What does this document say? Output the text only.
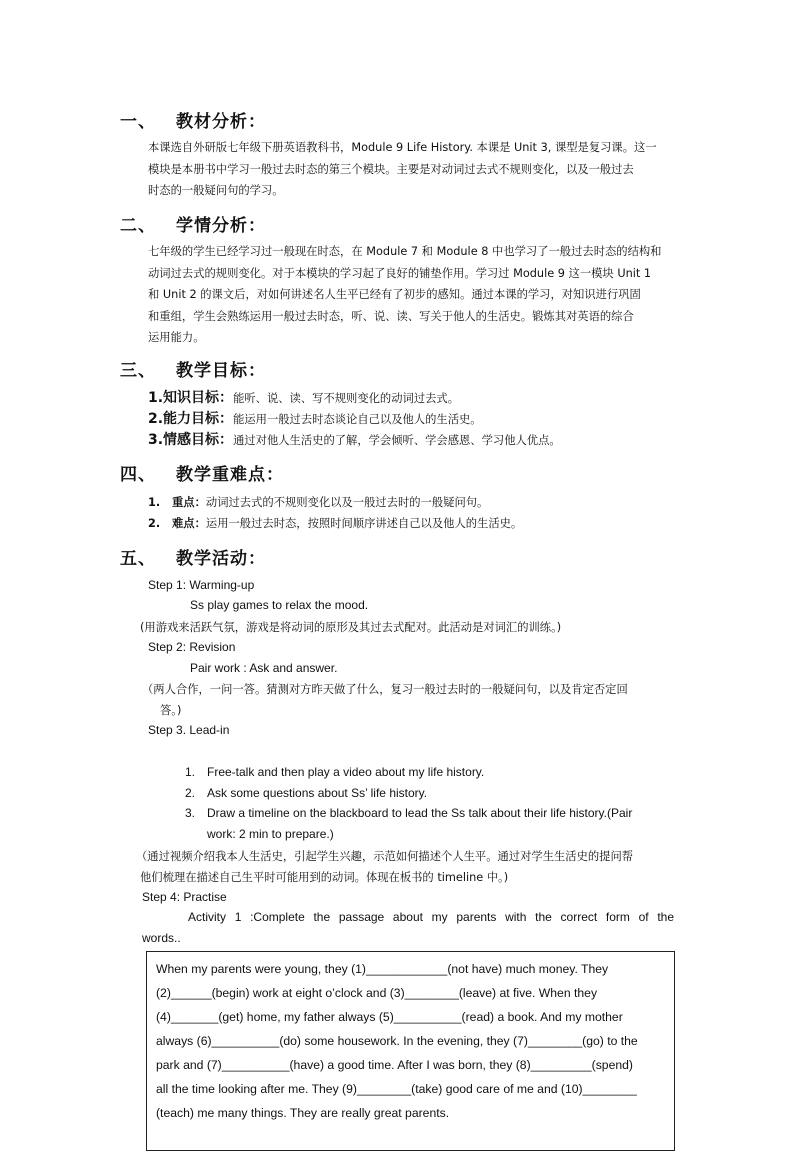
一、 教材分析：
本课选自外研版七年级下册英语教科书，Module 9 Life History. 本课是 Unit 3, 课型是复习课。这一
模块是本册书中学习一般过去时态的第三个模块。主要是对动词过去式不规则变化，以及一般过去
时态的一般疑问句的学习。
二、 学情分析：
七年级的学生已经学习过一般现在时态，在 Module 7 和 Module 8 中也学习了一般过去时态的结构和
动词过去式的规则变化。对于本模块的学习起了良好的铺垫作用。学习过 Module 9 这一模块 Unit 1
和 Unit 2 的课文后，对如何讲述名人生平已经有了初步的感知。通过本课的学习，对知识进行巩固
和重组，学生会熟练运用一般过去时态，听、说、读、写关于他人的生活史。锻炼其对英语的综合
运用能力。
三、 教学目标：
1.知识目标：能听、说、读、写不规则变化的动词过去式。
2.能力目标：能运用一般过去时态谈论自己以及他人的生活史。
3.情感目标：通过对他人生活史的了解，学会倾听、学会感恩、学习他人优点。
四、 教学重难点：
1. 重点：动词过去式的不规则变化以及一般过去时的一般疑问句。
2. 难点：运用一般过去时态，按照时间顺序讲述自己以及他人的生活史。
五、 教学活动：
Step 1: Warming-up
Ss play games to relax the mood.
(用游戏来活跃气氛，游戏是将动词的原形及其过去式配对。此活动是对词汇的训练。)
Step 2: Revision
Pair work : Ask and answer.
（两人合作，一问一答。猜测对方昨天做了什么，复习一般过去时的一般疑问句，以及肯定否定回
答。)
Step 3. Lead-in
1. Free-talk and then play a video about my life history.
2. Ask some questions about Ss’ life history.
3. Draw a timeline on the blackboard to lead the Ss talk about their life history.(Pair
work: 2 min to prepare.)
（通过视频介绍我本人生活史，引起学生兴趣，示范如何描述个人生平。通过对学生生活史的提问帮
他们梳理在描述自己生平时可能用到的动词。体现在板书的 timeline 中。)
Step 4: Practise
Activity 1 :Complete the passage about my parents with the correct form of the
words..
When my parents were young, they (1)____________(not have) much money. They
(2)______(begin) work at eight o’clock and (3)________(leave) at five. When they
(4)_______(get) home, my father always (5)__________(read) a book. And my mother
always (6)__________(do) some housework. In the evening, they (7)________(go) to the
park and (7)__________(have) a good time. After I was born, they (8)_________(spend)
all the time looking after me. They (9)________(take) good care of me and (10)________
(teach) me many things. They are really great parents.
